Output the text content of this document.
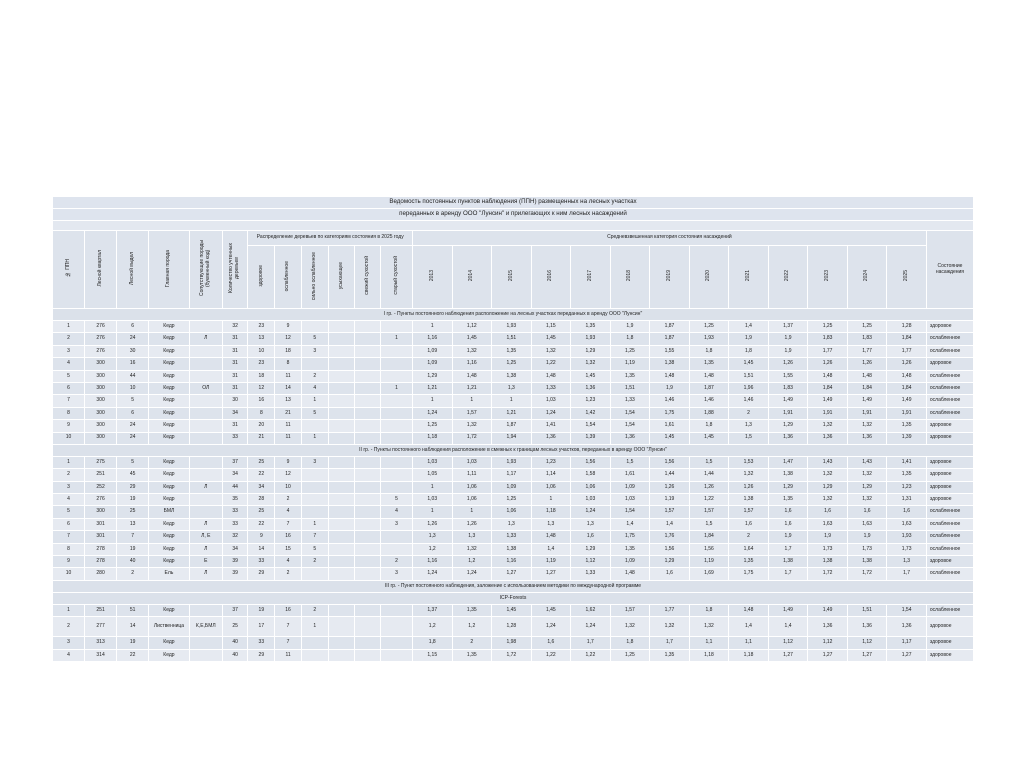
Ведомость постоянных пунктов наблюдения (ППН) размещенных на лесных участках																									
переданных в аренду ООО "Лунсин" и прилегающих к ним лесных насаждений																									

№ ППН	Лесной квартал	Лесной выдел	Главная порода	Сопутствующие породы (буквенный код)	Количество учтенных деревьев	Распределение деревьев по категориям состояния в 2025 году						Средневзвешенная категория состояния насаждений													Состояние насаждения
						здоровое	ослабленное	сильно ослабленное	усыхающее	свежий сухостой	старый сухостой	2013	2014	2015	2016	2017	2018	2019	2020	2021	2022	2023	2024	2025	
I гр. - Пункты постоянного наблюдения расположение на лесных участках переданных в аренду ООО "Лунсин"																									
1	276	6	Кедр		32	23	9					1	1,12	1,93	1,15	1,35	1,9	1,87	1,25	1,4	1,37	1,25	1,25	1,28	здоровое
2	276	24	Кедр	Л	31	13	12	5			1	1,16	1,45	1,51	1,45	1,93	1,8	1,87	1,93	1,9	1,9	1,83	1,83	1,84	ослабленное
3	276	30	Кедр		31	10	18	3				1,09	1,32	1,35	1,32	1,29	1,25	1,55	1,8	1,8	1,9	1,77	1,77	1,77	ослабленное
4	300	16	Кедр		31	23	8					1,09	1,16	1,25	1,22	1,32	1,19	1,38	1,35	1,45	1,26	1,26	1,26	1,26	здоровое
5	300	44	Кедр		31	18	11	2				1,29	1,48	1,38	1,48	1,45	1,35	1,48	1,48	1,51	1,55	1,48	1,48	1,48	ослабленное
6	300	10	Кедр	ОЛ	31	12	14	4			1	1,21	1,21	1,3	1,33	1,36	1,51	1,9	1,87	1,96	1,83	1,84	1,84	1,84	ослабленное
7	300	5	Кедр		30	16	13	1				1	1	1	1,03	1,23	1,33	1,46	1,46	1,46	1,49	1,49	1,49	1,49	ослабленное
8	300	6	Кедр		34	8	21	5				1,24	1,57	1,21	1,24	1,42	1,54	1,75	1,88	2	1,91	1,91	1,91	1,91	ослабленное
9	300	24	Кедр		31	20	11					1,25	1,32	1,87	1,41	1,54	1,54	1,61	1,8	1,3	1,29	1,32	1,32	1,35	здоровое
10	300	24	Кедр		33	21	11	1				1,18	1,72	1,94	1,36	1,39	1,36	1,45	1,45	1,5	1,36	1,36	1,36	1,39	здоровое
II гр. - Пункты постоянного наблюдения расположение в смежных к границам лесных участков, переданных в аренду ООО "Лунсин"																									
1	275	5	Кедр		37	25	9	3				1,03	1,03	1,93	1,23	1,56	1,5	1,56	1,5	1,53	1,47	1,43	1,43	1,41	здоровое
2	251	45	Кедр		34	22	12					1,05	1,11	1,17	1,14	1,58	1,61	1,44	1,44	1,32	1,38	1,32	1,32	1,35	здоровое
3	252	29	Кедр	Л	44	34	10					1	1,06	1,09	1,06	1,06	1,09	1,26	1,26	1,26	1,29	1,29	1,29	1,23	здоровое
4	276	19	Кедр		35	28	2				5	1,03	1,06	1,25	1	1,03	1,03	1,19	1,22	1,38	1,35	1,32	1,32	1,31	здоровое
5	300	25	БМЛ		33	25	4				4	1	1	1,06	1,18	1,24	1,54	1,57	1,57	1,57	1,6	1,6	1,6	1,6	ослабленное
6	301	13	Кедр	Л	33	22	7	1			3	1,26	1,26	1,3	1,3	1,3	1,4	1,4	1,5	1,6	1,6	1,63	1,63	1,63	ослабленное
7	301	7	Кедр	Л, Е	32	9	16	7				1,3	1,3	1,33	1,48	1,6	1,75	1,76	1,84	2	1,9	1,9	1,9	1,93	ослабленное
8	278	19	Кедр	Л	34	14	15	5				1,2	1,32	1,38	1,4	1,29	1,35	1,56	1,56	1,64	1,7	1,73	1,73	1,73	ослабленное
9	278	40	Кедр	Е	39	33	4	2			2	1,16	1,2	1,16	1,19	1,12	1,09	1,29	1,19	1,35	1,38	1,38	1,38	1,3	здоровое
10	280	2	Ель	Л	39	29	2				3	1,24	1,24	1,27	1,27	1,33	1,48	1,6	1,69	1,75	1,7	1,72	1,72	1,7	ослабленное
III гр. - Пункт постоянного наблюдения, заложение с использованием методики по международной программе																									
ICP-Forests																									
1	251	51	Кедр		37	19	16	2				1,37	1,35	1,45	1,45	1,62	1,57	1,77	1,8	1,48	1,49	1,49	1,51	1,54	ослабленное
2	277	14	Лиственница	К,Е,БМЛ	25	17	7	1				1,2	1,2	1,28	1,24	1,24	1,32	1,32	1,32	1,4	1,4	1,36	1,36	1,36	здоровое
3	313	19	Кедр		40	33	7					1,8	2	1,98	1,6	1,7	1,8	1,7	1,1	1,1	1,12	1,12	1,12	1,17	здоровое
4	314	22	Кедр		40	29	11					1,15	1,35	1,72	1,22	1,22	1,25	1,35	1,18	1,18	1,27	1,27	1,27	1,27	здоровое
